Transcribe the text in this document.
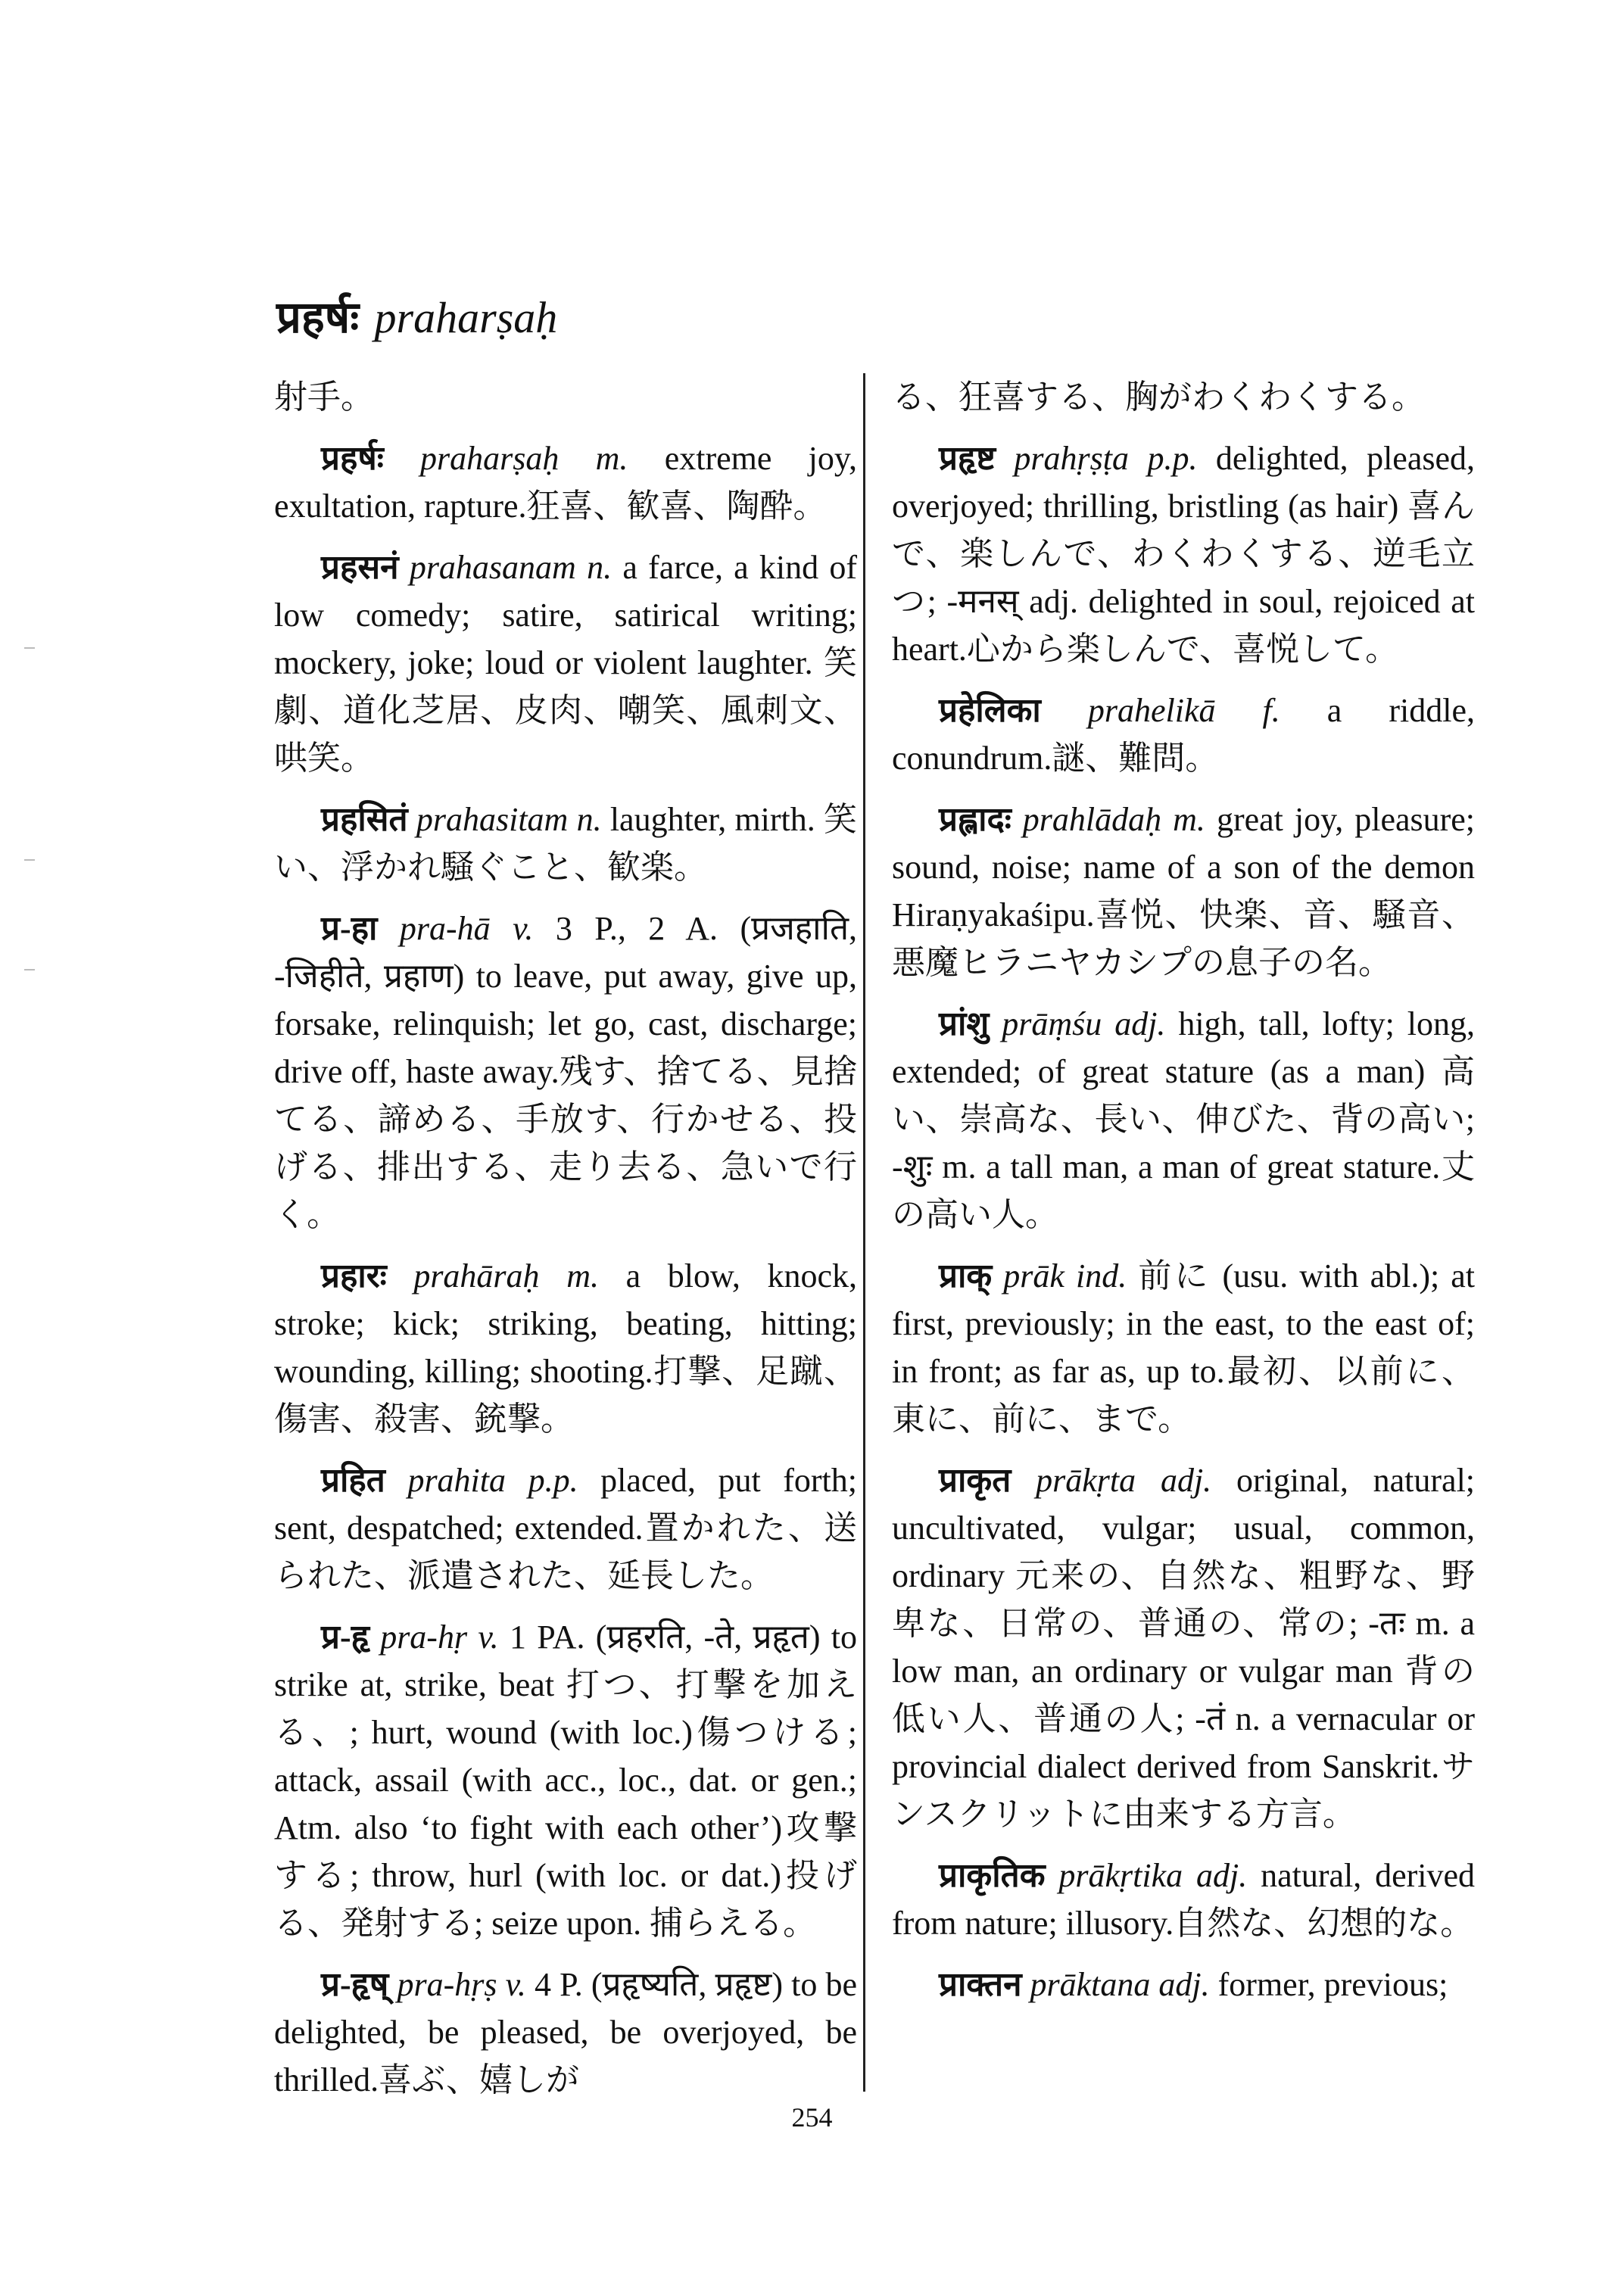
प्रहर्षः praharṣaḥ

射手。

प्रहर्षः praharṣaḥ m. extreme joy, exultation, rapture.狂喜、歓喜、陶酔。

प्रहसनं prahasanam n. a farce, a kind of low comedy; satire, satirical writing; mockery, joke; loud or violent laughter. 笑劇、道化芝居、皮肉、嘲笑、風刺文、哄笑。

प्रहसितं prahasitam n. laughter, mirth. 笑い、浮かれ騒ぐこと、歓楽。

प्र-हा pra-hā v. 3 P., 2 A. (प्रजहाति, -जिहीते, प्रहाण) to leave, put away, give up, forsake, relinquish; let go, cast, discharge; drive off, haste away.残す、捨てる、見捨てる、諦める、手放す、行かせる、投げる、排出する、走り去る、急いで行く。

प्रहारः prahāraḥ m. a blow, knock, stroke; kick; striking, beating, hitting; wounding, killing; shooting.打撃、足蹴、傷害、殺害、銃撃。

प्रहित prahita p.p. placed, put forth; sent, despatched; extended.置かれた、送られた、派遣された、延長した。

प्र-हृ pra-hṛ v. 1 PA. (प्रहरति, -ते, प्रहृत) to strike at, strike, beat 打つ、打撃を加える、; hurt, wound (with loc.)傷つける; attack, assail (with acc., loc., dat. or gen.; Atm. also ‘to fight with each other’)攻撃する; throw, hurl (with loc. or dat.)投げる、発射する; seize upon. 捕らえる。

प्र-हृष् pra-hṛṣ v. 4 P. (प्रहृष्यति, प्रहृष्ट) to be delighted, be pleased, be overjoyed, be thrilled.喜ぶ、嬉しが

る、狂喜する、胸がわくわくする。

प्रहृष्ट prahṛṣṭa p.p. delighted, pleased, overjoyed; thrilling, bristling (as hair) 喜んで、楽しんで、わくわくする、逆毛立つ; -मनस् adj. delighted in soul, rejoiced at heart.心から楽しんで、喜悦して。

प्रहेलिका prahelikā f. a riddle, conundrum.謎、難問。

प्रह्लादः prahlādaḥ m. great joy, pleasure; sound, noise; name of a son of the demon Hiraṇyakaśipu.喜悦、快楽、音、騒音、悪魔ヒラニヤカシプの息子の名。

प्रांशु prāṃśu adj. high, tall, lofty; long, extended; of great stature (as a man) 高い、崇高な、長い、伸びた、背の高い; -शुः m. a tall man, a man of great stature.丈の高い人。

प्राक् prāk ind. 前に (usu. with abl.); at first, previously; in the east, to the east of; in front; as far as, up to.最初、以前に、東に、前に、まで。

प्राकृत prākṛta adj. original, natural; uncultivated, vulgar; usual, common, ordinary 元来の、自然な、粗野な、野卑な、日常の、普通の、常の; -तः m. a low man, an ordinary or vulgar man 背の低い人、普通の人; -तं n. a vernacular or provincial dialect derived from Sanskrit.サンスクリットに由来する方言。

प्राकृतिक prākṛtika adj. natural, derived from nature; illusory.自然な、幻想的な。

प्राक्तन prāktana adj. former, previous;

254
